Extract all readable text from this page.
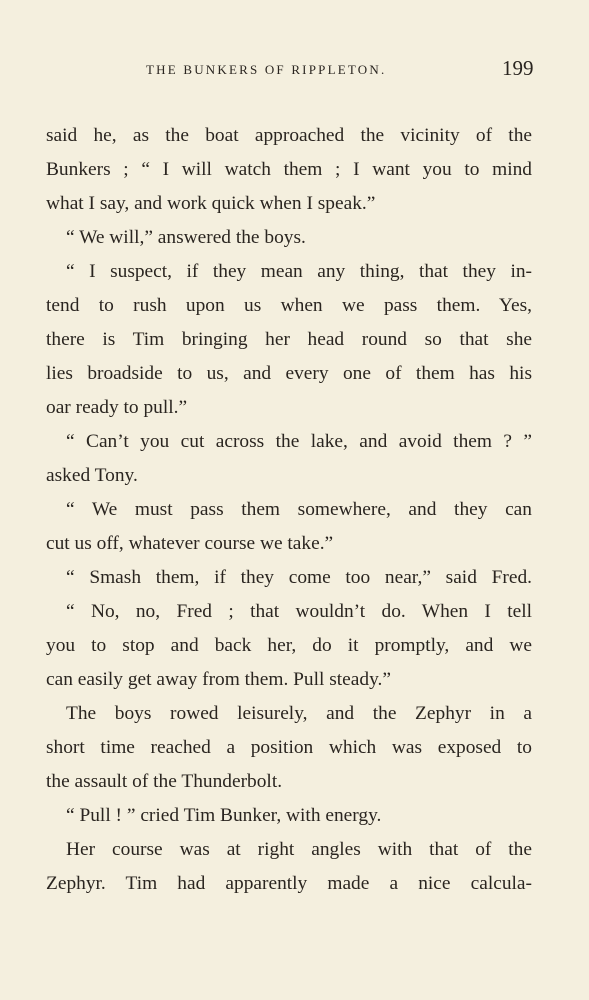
THE BUNKERS OF RIPPLETON.	199
said he, as the boat approached the vicinity of the
Bunkers ; “ I will watch them ; I want you to mind
what I say, and work quick when I speak.”
“ We will,” answered the boys.
“ I suspect, if they mean any thing, that they in-
tend to rush upon us when we pass them. Yes,
there is Tim bringing her head round so that she
lies broadside to us, and every one of them has his
oar ready to pull.”
“ Can’t you cut across the lake, and avoid them ? ”
asked Tony.
“ We must pass them somewhere, and they can
cut us off, whatever course we take.”
“ Smash them, if they come too near,” said Fred.
“ No, no, Fred ; that wouldn’t do. When I tell
you to stop and back her, do it promptly, and we
can easily get away from them. Pull steady.”
The boys rowed leisurely, and the Zephyr in a
short time reached a position which was exposed to
the assault of the Thunderbolt.
“ Pull ! ” cried Tim Bunker, with energy.
Her course was at right angles with that of the
Zephyr. Tim had apparently made a nice calcula-
